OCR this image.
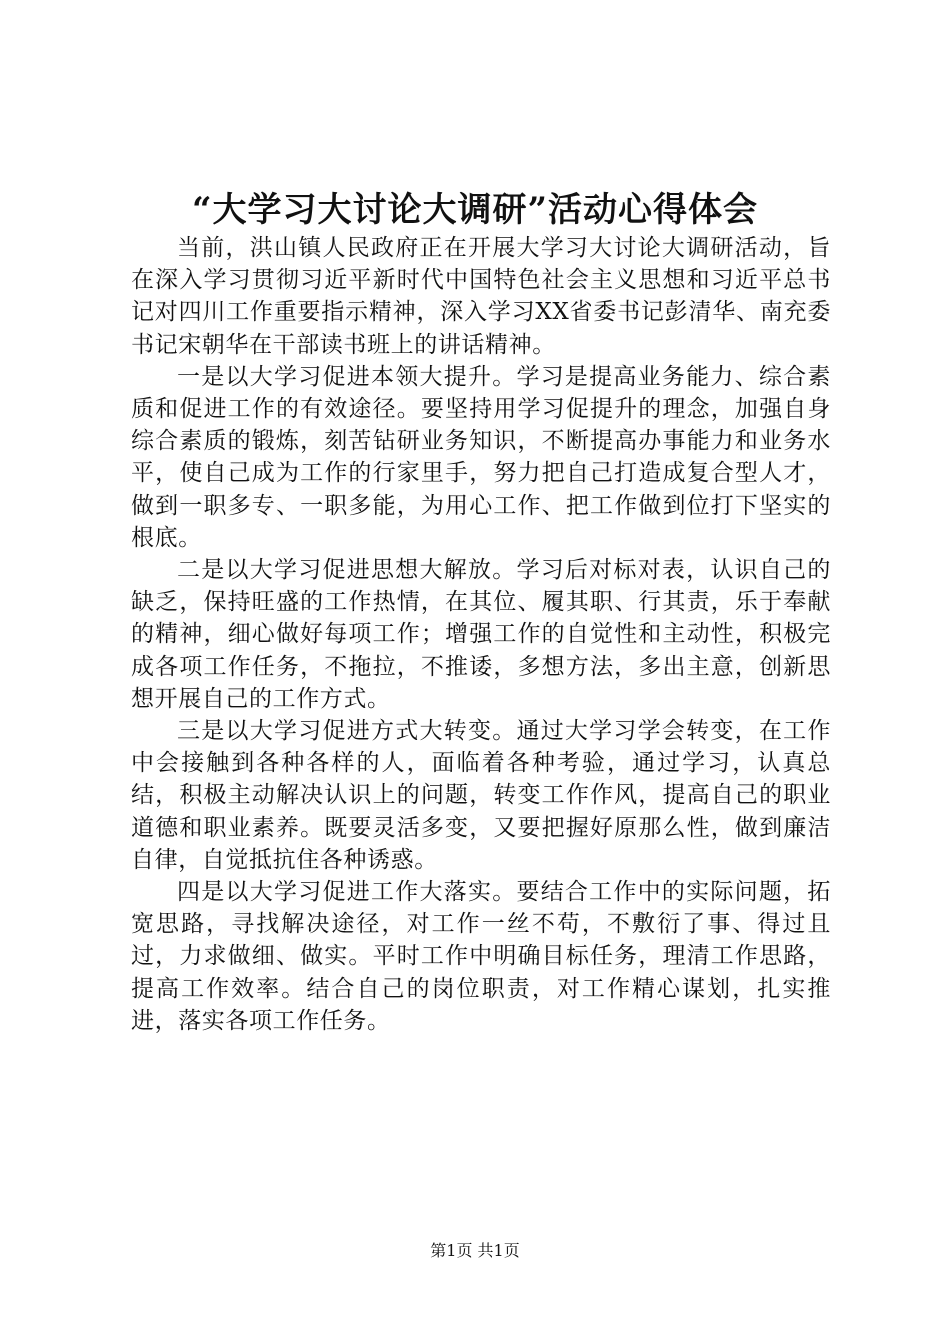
“大学习大讨论大调研”活动心得体会

当前，洪山镇人民政府正在开展大学习大讨论大调研活动，旨在深入学习贯彻习近平新时代中国特色社会主义思想和习近平总书记对四川工作重要指示精神，深入学习XX省委书记彭清华、南充委书记宋朝华在干部读书班上的讲话精神。

一是以大学习促进本领大提升。学习是提高业务能力、综合素质和促进工作的有效途径。要坚持用学习促提升的理念，加强自身综合素质的锻炼，刻苦钻研业务知识，不断提高办事能力和业务水平，使自己成为工作的行家里手，努力把自己打造成复合型人才，做到一职多专、一职多能，为用心工作、把工作做到位打下坚实的根底。

二是以大学习促进思想大解放。学习后对标对表，认识自己的缺乏，保持旺盛的工作热情，在其位、履其职、行其责，乐于奉献的精神，细心做好每项工作；增强工作的自觉性和主动性，积极完成各项工作任务，不拖拉，不推诿，多想方法，多出主意，创新思想开展自己的工作方式。

三是以大学习促进方式大转变。通过大学习学会转变，在工作中会接触到各种各样的人，面临着各种考验，通过学习，认真总结，积极主动解决认识上的问题，转变工作作风，提高自己的职业道德和职业素养。既要灵活多变，又要把握好原那么性，做到廉洁自律，自觉抵抗住各种诱惑。

四是以大学习促进工作大落实。要结合工作中的实际问题，拓宽思路，寻找解决途径，对工作一丝不苟，不敷衍了事、得过且过，力求做细、做实。平时工作中明确目标任务，理清工作思路，提高工作效率。结合自己的岗位职责，对工作精心谋划，扎实推进，落实各项工作任务。

第1页 共1页
